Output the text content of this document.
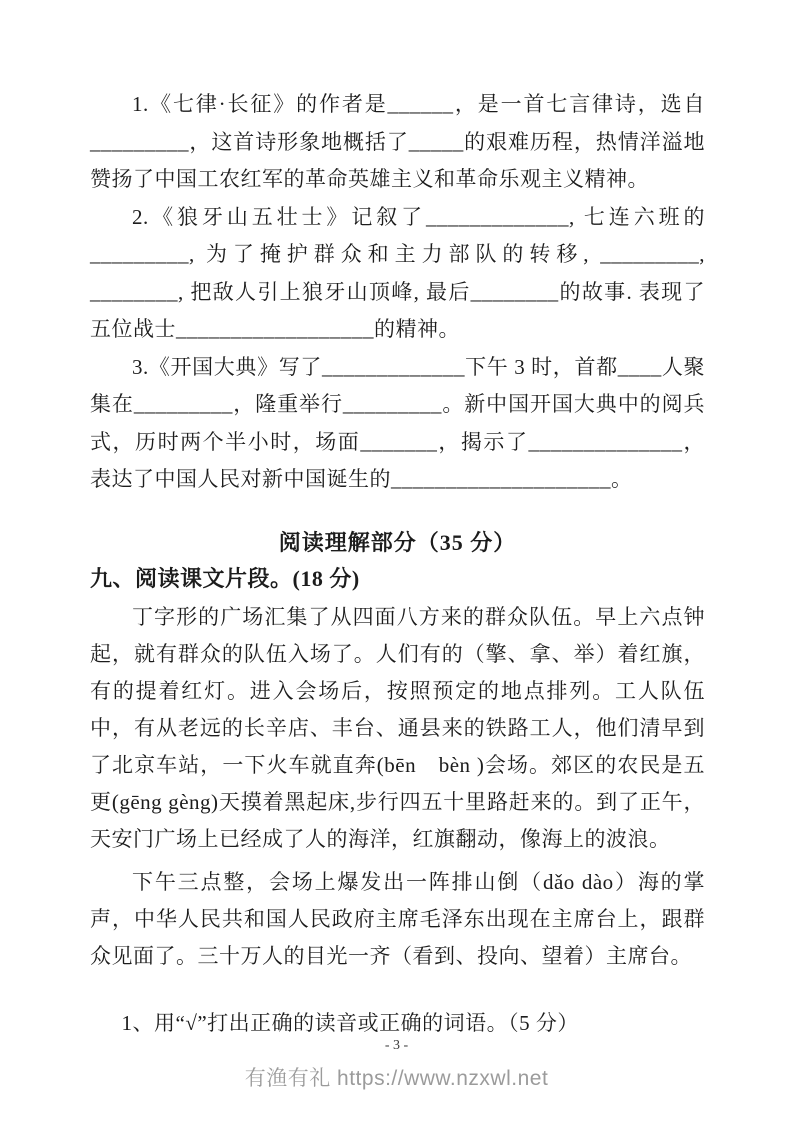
1.《七律·长征》的作者是______，是一首七言律诗，选自_________，这首诗形象地概括了_____的艰难历程，热情洋溢地赞扬了中国工农红军的革命英雄主义和革命乐观主义精神。

2.《狼牙山五壮士》记叙了_____________, 七连六班的_________, 为了掩护群众和主力部队的转移, _________, ________, 把敌人引上狼牙山顶峰, 最后________的故事. 表现了五位战士__________________的精神。

3.《开国大典》写了_____________下午 3 时，首都____人聚集在_________，隆重举行_________。新中国开国大典中的阅兵式，历时两个半小时，场面_______，揭示了______________，表达了中国人民对新中国诞生的____________________。

阅读理解部分（35 分）
九、阅读课文片段。(18 分)

丁字形的广场汇集了从四面八方来的群众队伍。早上六点钟起，就有群众的队伍入场了。人们有的（擎、拿、举）着红旗，有的提着红灯。进入会场后，按照预定的地点排列。工人队伍中，有从老远的长辛店、丰台、通县来的铁路工人，他们清早到了北京车站，一下火车就直奔(bēn　bèn )会场。郊区的农民是五更(gēng gèng)天摸着黑起床,步行四五十里路赶来的。到了正午，天安门广场上已经成了人的海洋，红旗翻动，像海上的波浪。

下午三点整，会场上爆发出一阵排山倒（dǎo dào）海的掌声，中华人民共和国人民政府主席毛泽东出现在主席台上，跟群众见面了。三十万人的目光一齐（看到、投向、望着）主席台。

1、用“√”打出正确的读音或正确的词语。（5 分）

- 3 -
有渔有礼 https://www.nzxwl.net
